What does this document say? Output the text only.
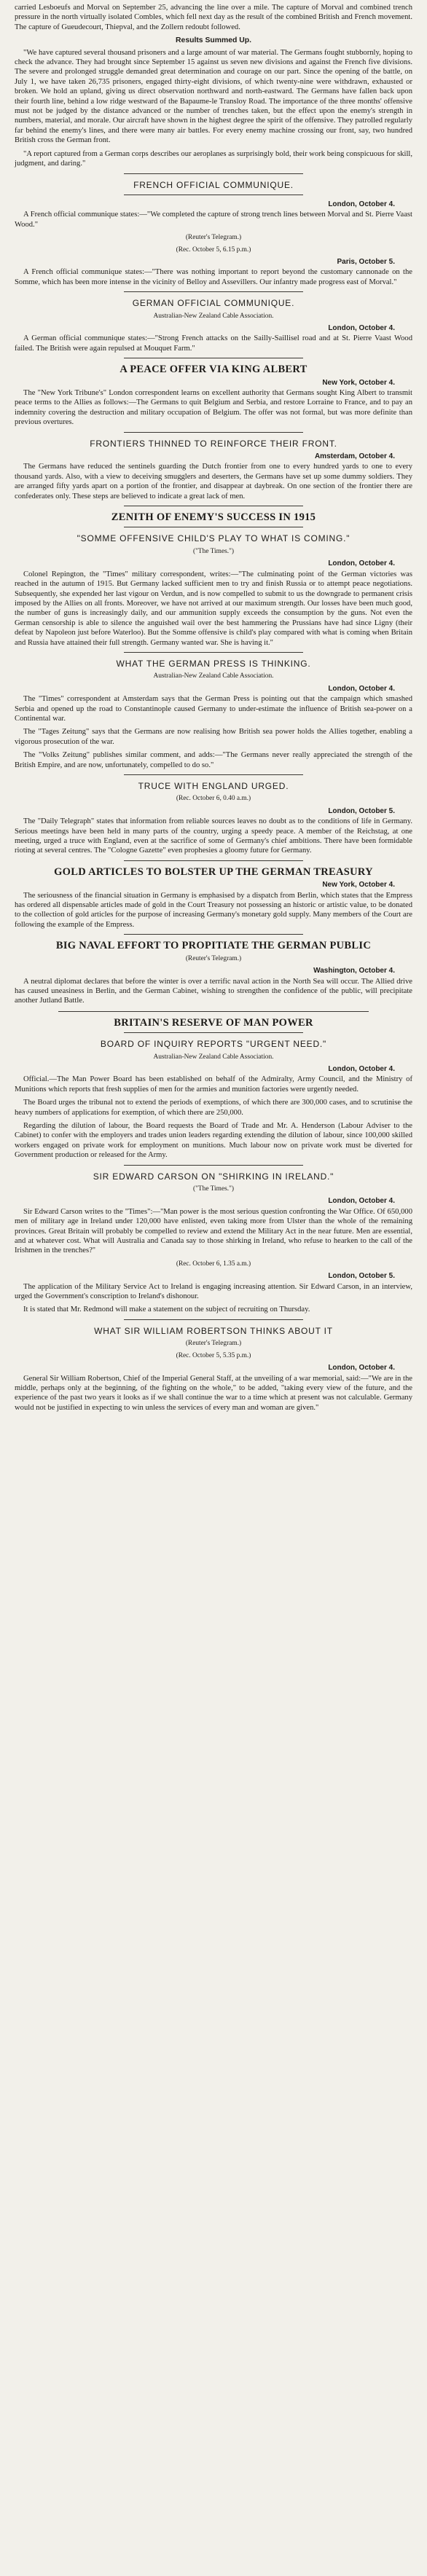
carried Lesboeufs and Morval on September 25, advancing the line over a mile. The capture of Morval and combined trench pressure in the north virtually isolated Combles, which fell next day as the result of the combined British and French movement. The capture of Gueudecourt, Thiepval, and the Zollern redoubt followed.

Results Summed Up.

"We have captured several thousand prisoners and a large amount of war material. The Germans fought stubbornly, hoping to check the advance. They had brought since September 15 against us seven new divisions and against the French five divisions. The severe and prolonged struggle demanded great determination and courage on our part. Since the opening of the battle, on July 1, we have taken 26,735 prisoners, engaged thirty-eight divisions, of which twenty-nine were withdrawn, exhausted or broken. We hold an upland, giving us direct observation northward and north-eastward. The Germans have fallen back upon their fourth line, behind a low ridge westward of the Bapaume-le Transloy Road. The importance of the three months' offensive must not be judged by the distance advanced or the number of trenches taken, but the effect upon the enemy's strength in numbers, material, and morale. Our aircraft have shown in the highest degree the spirit of the offensive. They patrolled regularly far behind the enemy's lines, and there were many air battles. For every enemy machine crossing our front, say, two hundred British cross the German front.

"A report captured from a German corps describes our aeroplanes as surprisingly bold, their work being conspicuous for skill, judgment, and daring."

FRENCH OFFICIAL COMMUNIQUE.
London, October 4.

A French official communique states:—"We completed the capture of strong trench lines between Morval and St. Pierre Vaast Wood."

(Reuter's Telegram.)

(Rec. October 5, 6.15 p.m.)

Paris, October 5.

A French official communique states:—"There was nothing important to report beyond the customary cannonade on the Somme, which has been more intense in the vicinity of Belloy and Assevillers. Our infantry made progress east of Morval."

GERMAN OFFICIAL COMMUNIQUE.

Australian-New Zealand Cable Association.

London, October 4.

A German official communique states:—"Strong French attacks on the Sailly-Saillisel road and at St. Pierre Vaast Wood failed. The British were again repulsed at Mouquet Farm."

A PEACE OFFER VIA KING ALBERT
New York, October 4.

The "New York Tribune's" London correspondent learns on excellent authority that Germans sought King Albert to transmit peace terms to the Allies as follows:—The Germans to quit Belgium and Serbia, and restore Lorraine to France, and to pay an indemnity covering the destruction and military occupation of Belgium. The offer was not formal, but was more definite than previous overtures.

FRONTIERS THINNED TO REINFORCE THEIR FRONT.
Amsterdam, October 4.

The Germans have reduced the sentinels guarding the Dutch frontier from one to every hundred yards to one to every thousand yards. Also, with a view to deceiving smugglers and deserters, the Germans have set up some dummy soldiers. They are arranged fifty yards apart on a portion of the frontier, and disappear at daybreak. On one section of the frontier there are confederates only. These steps are believed to indicate a great lack of men.

ZENITH OF ENEMY'S SUCCESS IN 1915
"SOMME OFFENSIVE CHILD'S PLAY TO WHAT IS COMING."

("The Times.")

London, October 4.

Colonel Repington, the "Times" military correspondent, writes:—"The culminating point of the German victories was reached in the autumn of 1915. But Germany lacked sufficient men to try and finish Russia or to attempt peace negotiations. Subsequently, she expended her last vigour on Verdun, and is now compelled to submit to us the downgrade to permanent crisis imposed by the Allies on all fronts. Moreover, we have not arrived at our maximum strength. Our losses have been much good, the number of guns is increasingly daily, and our ammunition supply exceeds the consumption by the guns. Not even the German censorship is able to silence the anguished wail over the best hammering the Prussians have had since Ligny (their defeat by Napoleon just before Waterloo). But the Somme offensive is child's play compared with what is coming when Britain and Russia have attained their full strength. Germany wanted war. She is having it."

WHAT THE GERMAN PRESS IS THINKING.

Australian-New Zealand Cable Association.

London, October 4.

The "Times" correspondent at Amsterdam says that the German Press is pointing out that the campaign which smashed Serbia and opened up the road to Constantinople caused Germany to under-estimate the influence of British sea-power on a Continental war.

The "Tages Zeitung" says that the Germans are now realising how British sea power holds the Allies together, enabling a vigorous prosecution of the war.

The "Volks Zeitung" publishes similar comment, and adds:—"The Germans never really appreciated the strength of the British Empire, and are now, unfortunately, compelled to do so."

TRUCE WITH ENGLAND URGED.

(Rec. October 6, 0.40 a.m.)

London, October 5.

The "Daily Telegraph" states that information from reliable sources leaves no doubt as to the conditions of life in Germany. Serious meetings have been held in many parts of the country, urging a speedy peace. A member of the Reichstag, at one meeting, urged a truce with England, even at the sacrifice of some of Germany's chief ambitions. There have been formidable rioting at several centres. The "Cologne Gazette" even prophesies a gloomy future for Germany.

GOLD ARTICLES TO BOLSTER UP THE GERMAN TREASURY
New York, October 4.

The seriousness of the financial situation in Germany is emphasised by a dispatch from Berlin, which states that the Empress has ordered all dispensable articles made of gold in the Court Treasury not possessing an historic or artistic value, to be donated to the collection of gold articles for the purpose of increasing Germany's monetary gold supply. Many members of the Court are following the example of the Empress.

BIG NAVAL EFFORT TO PROPITIATE THE GERMAN PUBLIC

(Reuter's Telegram.)

Washington, October 4.

A neutral diplomat declares that before the winter is over a terrific naval action in the North Sea will occur. The Allied drive has caused uneasiness in Berlin, and the German Cabinet, wishing to strengthen the confidence of the public, will precipitate another Jutland Battle.

BRITAIN'S RESERVE OF MAN POWER
BOARD OF INQUIRY REPORTS "URGENT NEED."

Australian-New Zealand Cable Association.

London, October 4.

Official.—The Man Power Board has been established on behalf of the Admiralty, Army Council, and the Ministry of Munitions which reports that fresh supplies of men for the armies and munition factories were urgently needed.

The Board urges the tribunal not to extend the periods of exemptions, of which there are 300,000 cases, and to scrutinise the heavy numbers of applications for exemption, of which there are 250,000.

Regarding the dilution of labour, the Board requests the Board of Trade and Mr. A. Henderson (Labour Adviser to the Cabinet) to confer with the employers and trades union leaders regarding extending the dilution of labour, since 100,000 skilled workers engaged on private work for employment on munitions. Much labour now on private work must be diverted for Government production or released for the Army.

SIR EDWARD CARSON ON "SHIRKING IN IRELAND."

("The Times.")

London, October 4.

Sir Edward Carson writes to the "Times":—"Man power is the most serious question confronting the War Office. Of 650,000 men of military age in Ireland under 120,000 have enlisted, even taking more from Ulster than the whole of the remaining provinces. Great Britain will probably be compelled to review and extend the Military Act in the near future. Men are essential, and at whatever cost. What will Australia and Canada say to those shirking in Ireland, who refuse to hearken to the call of the Irishmen in the trenches?"

(Rec. October 6, 1.35 a.m.)

London, October 5.

The application of the Military Service Act to Ireland is engaging increasing attention. Sir Edward Carson, in an interview, urged the Government's conscription to Ireland's dishonour.

It is stated that Mr. Redmond will make a statement on the subject of recruiting on Thursday.

WHAT SIR WILLIAM ROBERTSON THINKS ABOUT IT

(Reuter's Telegram.)

(Rec. October 5, 5.35 p.m.)

London, October 4.

General Sir William Robertson, Chief of the Imperial General Staff, at the unveiling of a war memorial, said:—"We are in the middle, perhaps only at the beginning, of the fighting on the whole," to be added, "taking every view of the future, and the experience of the past two years it looks as if we shall continue the war to a time which at present was not calculable. Germany would not be justified in expecting to win unless the services of every man and woman are given."
